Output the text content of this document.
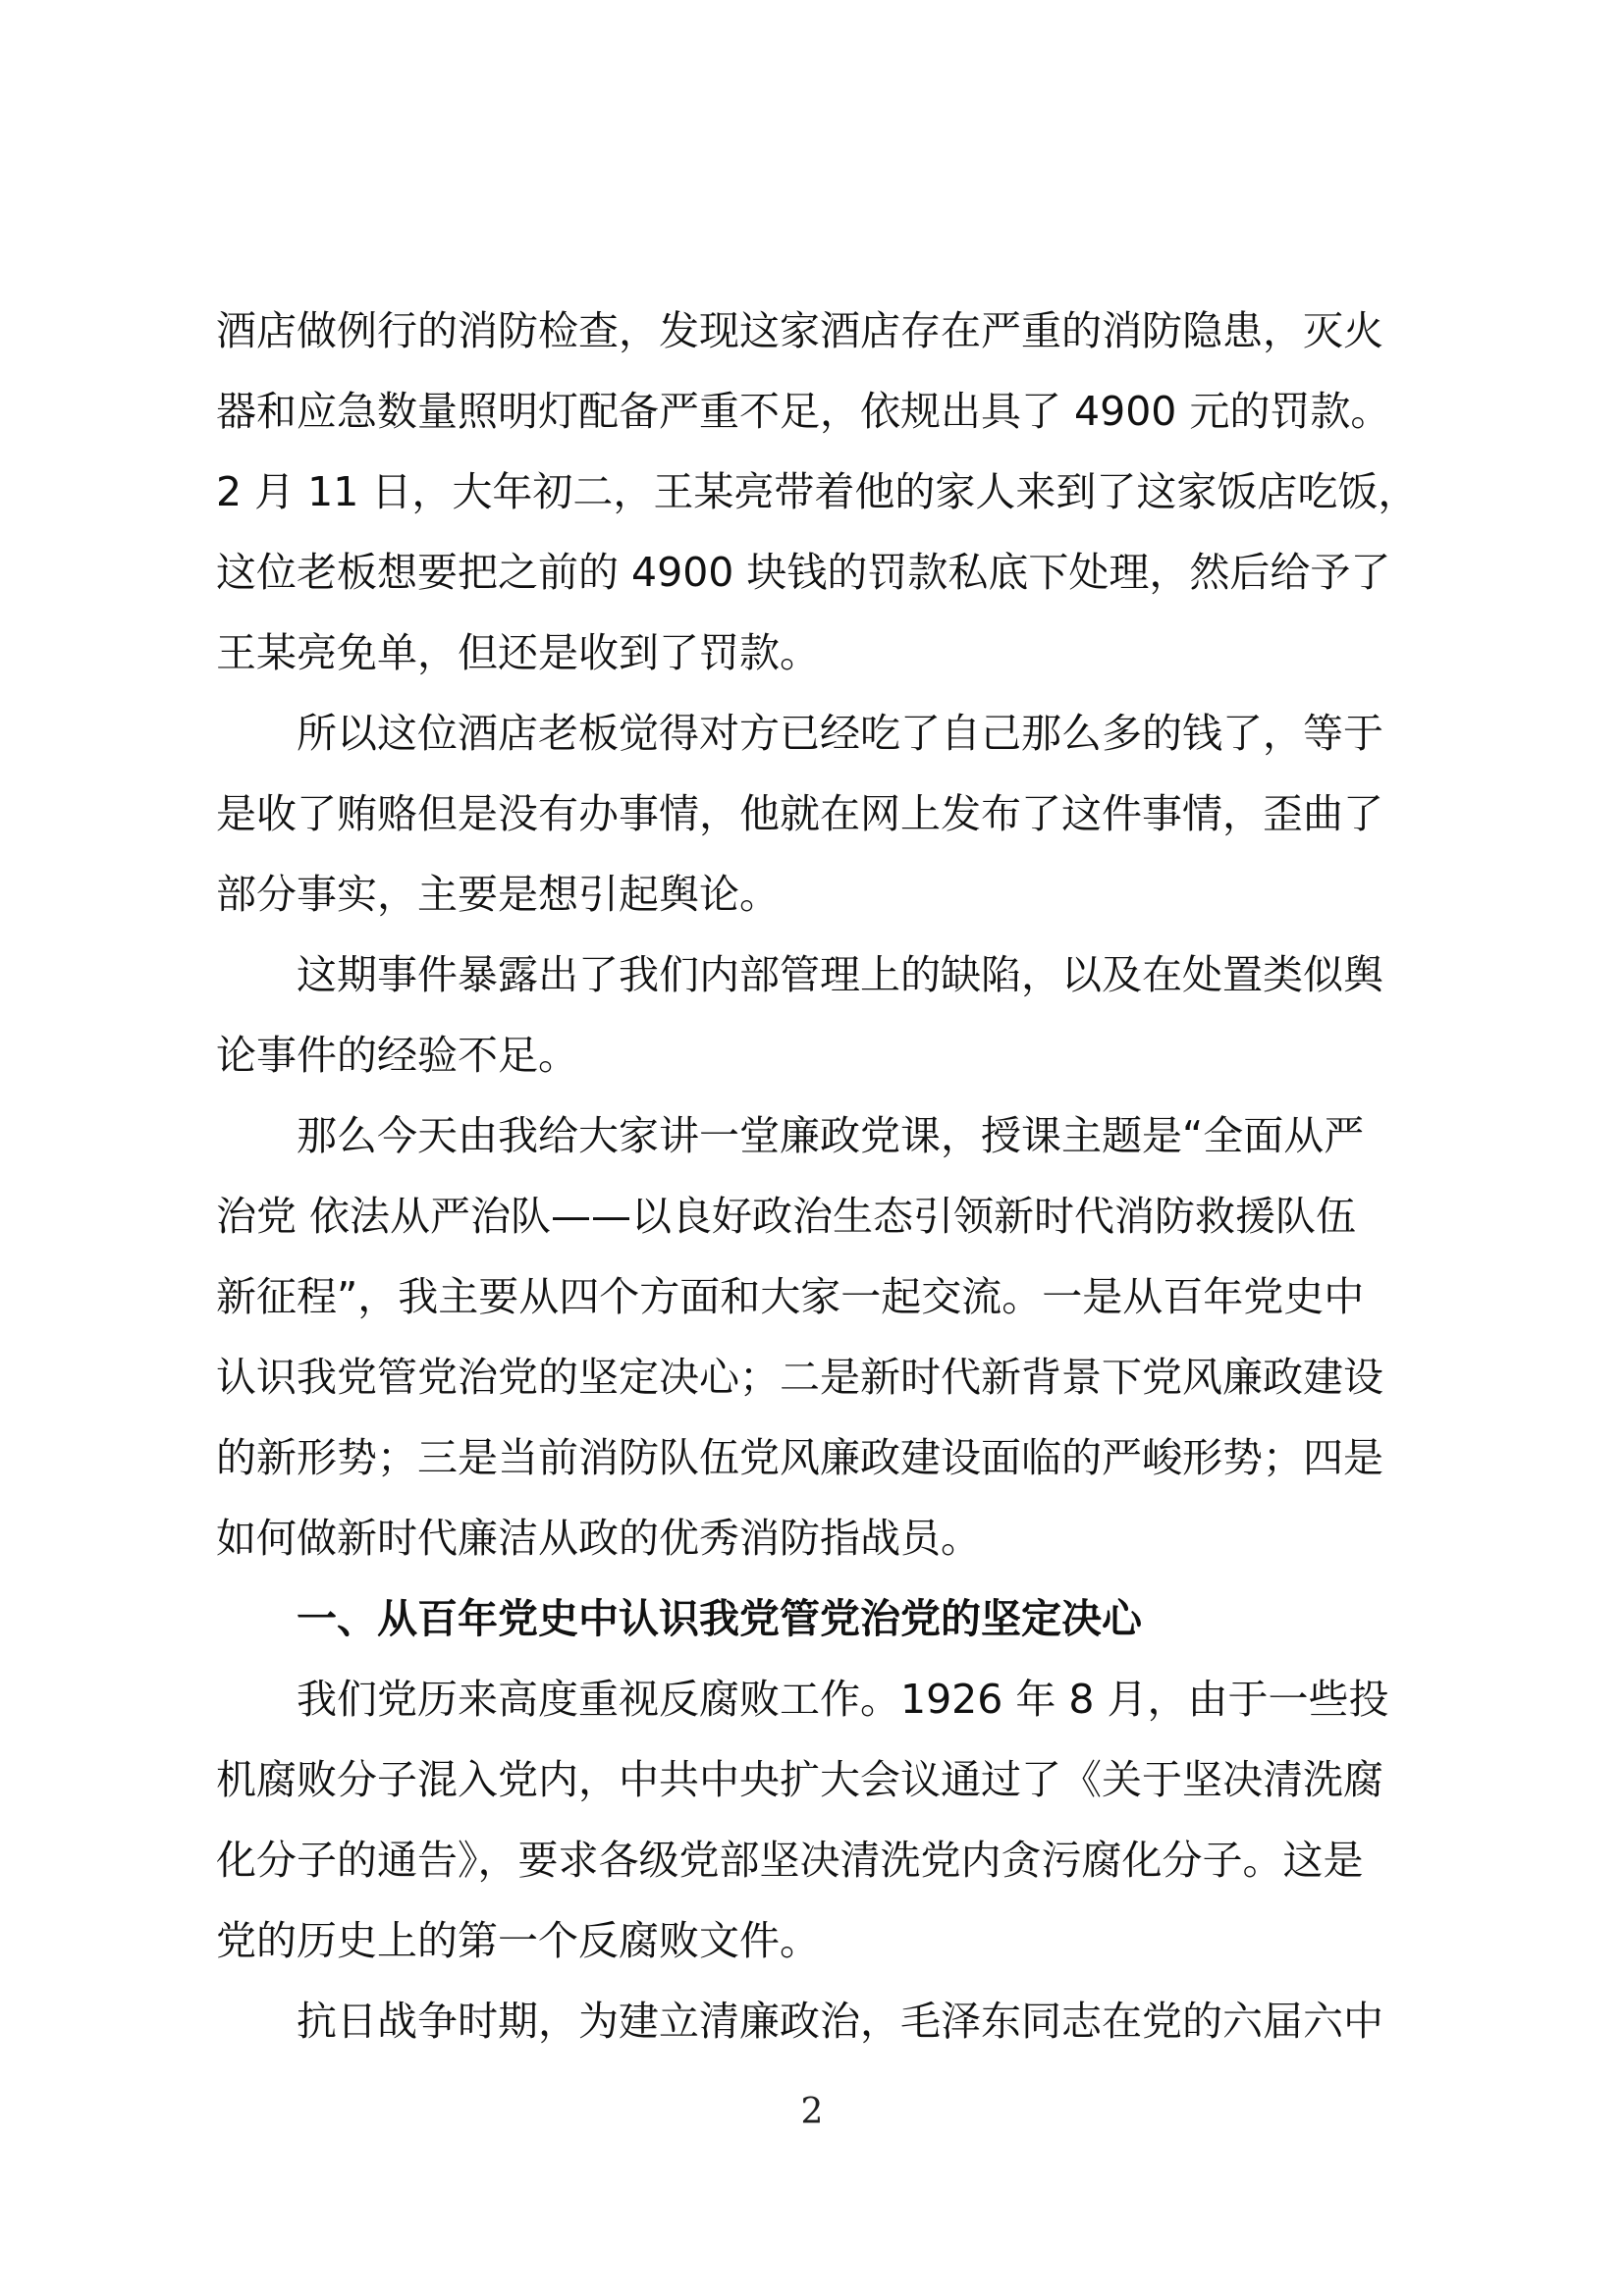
酒店做例行的消防检查，发现这家酒店存在严重的消防隐患，灭火
器和应急数量照明灯配备严重不足，依规出具了 4900 元的罚款。
2 月 11 日，大年初二，王某亮带着他的家人来到了这家饭店吃饭，
这位老板想要把之前的 4900 块钱的罚款私底下处理，然后给予了
王某亮免单，但还是收到了罚款。
所以这位酒店老板觉得对方已经吃了自己那么多的钱了，等于
是收了贿赂但是没有办事情，他就在网上发布了这件事情，歪曲了
部分事实，主要是想引起舆论。
这期事件暴露出了我们内部管理上的缺陷，以及在处置类似舆
论事件的经验不足。
那么今天由我给大家讲一堂廉政党课，授课主题是“全面从严
治党 依法从严治队——以良好政治生态引领新时代消防救援队伍
新征程”，我主要从四个方面和大家一起交流。一是从百年党史中
认识我党管党治党的坚定决心；二是新时代新背景下党风廉政建设
的新形势；三是当前消防队伍党风廉政建设面临的严峻形势；四是
如何做新时代廉洁从政的优秀消防指战员。
一、从百年党史中认识我党管党治党的坚定决心
我们党历来高度重视反腐败工作。1926 年 8 月，由于一些投
机腐败分子混入党内，中共中央扩大会议通过了《关于坚决清洗腐
化分子的通告》，要求各级党部坚决清洗党内贪污腐化分子。这是
党的历史上的第一个反腐败文件。
抗日战争时期，为建立清廉政治，毛泽东同志在党的六届六中
2
